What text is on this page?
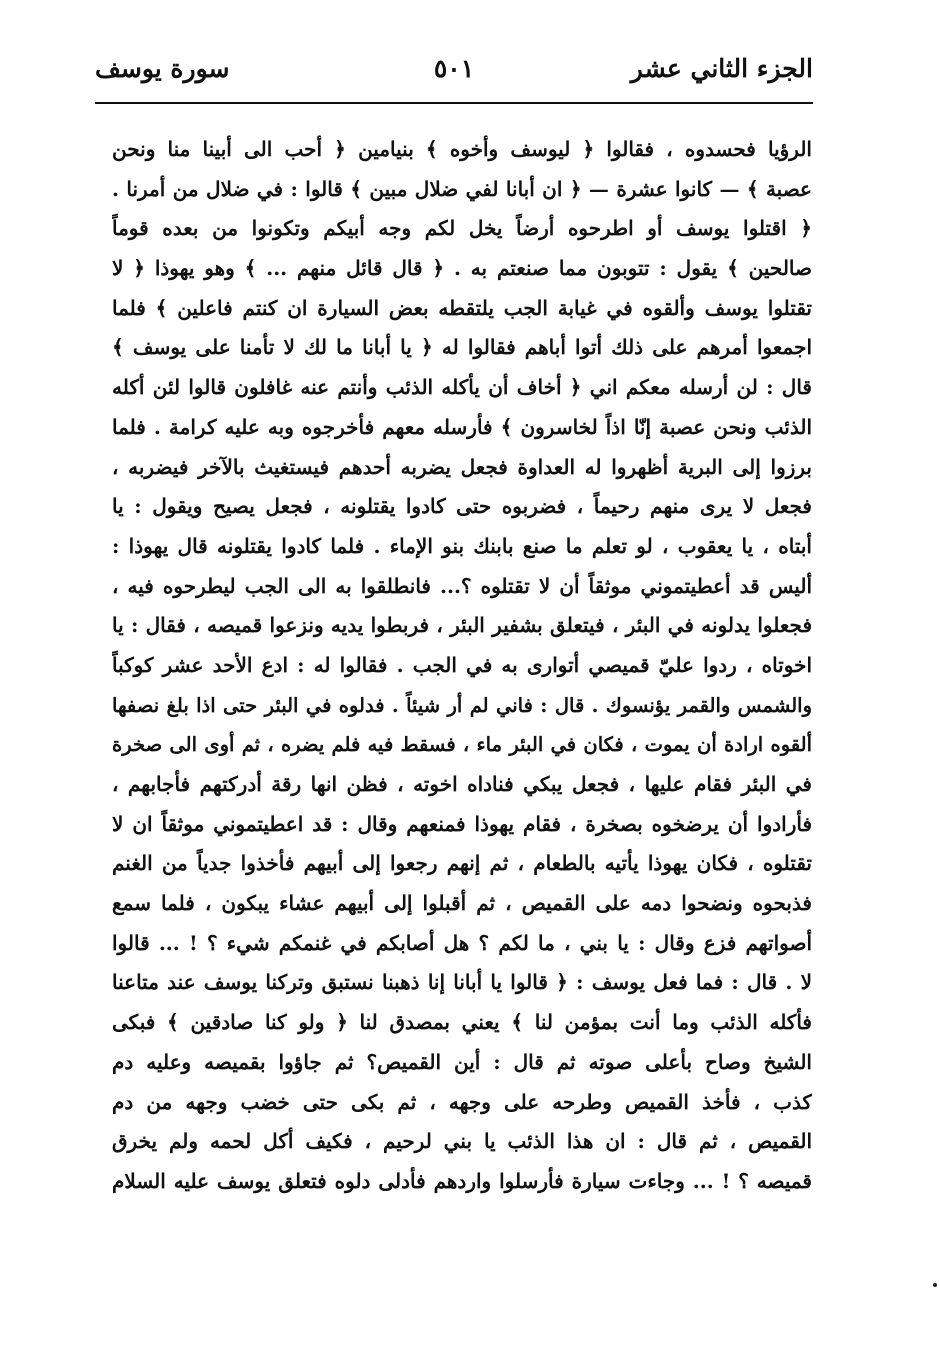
الجزء الثاني عشر
٥٠١
سورة يوسف
الرؤيا فحسدوه ، فقالوا ﴿ ليوسف وأخوه ﴾ بنيامين ﴿ أحب الى أبينا منا ونحن
عصبة ﴾ — كانوا عشرة — ﴿ ان أبانا لفي ضلال مبين ﴾ قالوا : في ضلال من أمرنا .
﴿ اقتلوا يوسف أو اطرحوه أرضاً يخل لكم وجه أبيكم وتكونوا من بعده قوماً
صالحين ﴾ يقول : تتوبون مما صنعتم به . ﴿ قال قائل منهم ... ﴾ وهو يهوذا ﴿ لا
تقتلوا يوسف وألقوه في غيابة الجب يلتقطه بعض السيارة ان كنتم فاعلين ﴾ فلما
اجمعوا أمرهم على ذلك أتوا أباهم فقالوا له ﴿ يا أبانا ما لك لا تأمنا على يوسف ﴾
قال : لن أرسله معكم اني ﴿ أخاف أن يأكله الذئب وأنتم عنه غافلون قالوا لئن أكله
الذئب ونحن عصبة إنّا اذاً لخاسرون ﴾ فأرسله معهم فأخرجوه وبه عليه كرامة . فلما
برزوا إلى البرية أظهروا له العداوة فجعل يضربه أحدهم فيستغيث بالآخر فيضربه ،
فجعل لا يرى منهم رحيماً ، فضربوه حتى كادوا يقتلونه ، فجعل يصيح ويقول : يا
أبتاه ، يا يعقوب ، لو تعلم ما صنع بابنك بنو الإماء . فلما كادوا يقتلونه قال يهوذا :
أليس قد أعطيتموني موثقاً أن لا تقتلوه ؟... فانطلقوا به الى الجب ليطرحوه فيه ،
فجعلوا يدلونه في البئر ، فيتعلق بشفير البئر ، فربطوا يديه ونزعوا قميصه ، فقال : يا
اخوتاه ، ردوا عليّ قميصي أتوارى به في الجب . فقالوا له : ادع الأحد عشر كوكباً
والشمس والقمر يؤنسوك . قال : فاني لم أر شيئاً . فدلوه في البئر حتى اذا بلغ نصفها
ألقوه ارادة أن يموت ، فكان في البئر ماء ، فسقط فيه فلم يضره ، ثم أوى الى صخرة
في البئر فقام عليها ، فجعل يبكي فناداه اخوته ، فظن انها رقة أدركتهم فأجابهم ،
فأرادوا أن يرضخوه بصخرة ، فقام يهوذا فمنعهم وقال : قد اعطيتموني موثقاً ان لا
تقتلوه ، فكان يهوذا يأتيه بالطعام ، ثم إنهم رجعوا إلى أبيهم فأخذوا جدياً من الغنم
فذبحوه ونضحوا دمه على القميص ، ثم أقبلوا إلى أبيهم عشاء يبكون ، فلما سمع
أصواتهم فزع وقال : يا بني ، ما لكم ؟ هل أصابكم في غنمكم شيء ؟ ! ... قالوا
لا . قال : فما فعل يوسف : ﴿ قالوا يا أبانا إنا ذهبنا نستبق وتركنا يوسف عند متاعنا
فأكله الذئب وما أنت بمؤمن لنا ﴾ يعني بمصدق لنا ﴿ ولو كنا صادقين ﴾ فبكى
الشيخ وصاح بأعلى صوته ثم قال : أين القميص؟ ثم جاؤوا بقميصه وعليه دم
كذب ، فأخذ القميص وطرحه على وجهه ، ثم بكى حتى خضب وجهه من دم
القميص ، ثم قال : ان هذا الذئب يا بني لرحيم ، فكيف أكل لحمه ولم يخرق
قميصه ؟ ! ... وجاءت سيارة فأرسلوا واردهم فأدلى دلوه فتعلق يوسف عليه السلام
